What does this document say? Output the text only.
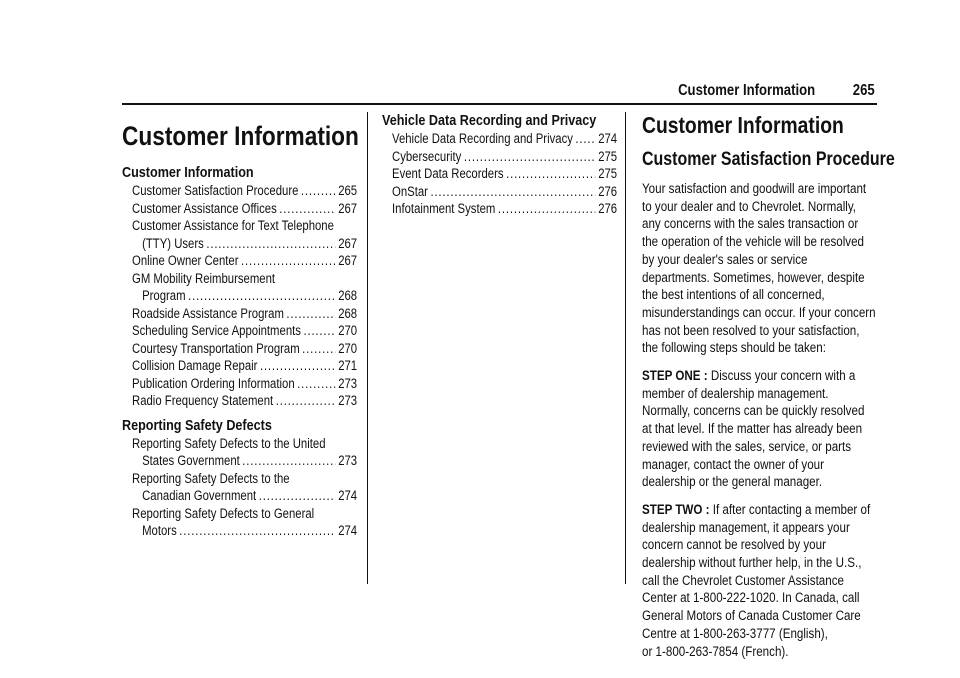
Customer Information 265
Customer Information
Customer Information
Customer Satisfaction Procedure .....	265
Customer Assistance Offices .....	267
Customer Assistance for Text Telephone
(TTY) Users .....	267
Online Owner Center .....	267
GM Mobility Reimbursement
Program .....	268
Roadside Assistance Program .....	268
Scheduling Service Appointments .....	270
Courtesy Transportation Program .....	270
Collision Damage Repair .....	271
Publication Ordering Information .....	273
Radio Frequency Statement .....	273
Reporting Safety Defects
Reporting Safety Defects to the United
States Government .....	273
Reporting Safety Defects to the
Canadian Government .....	274
Reporting Safety Defects to General
Motors .....	274
Vehicle Data Recording and Privacy
Vehicle Data Recording and Privacy ..... 274
Cybersecurity .....	275
Event Data Recorders .....	275
OnStar .....	276
Infotainment System .....	276
Customer Information
Customer Satisfaction Procedure
Your satisfaction and goodwill are important
to your dealer and to Chevrolet. Normally,
any concerns with the sales transaction or
the operation of the vehicle will be resolved
by your dealer's sales or service
departments. Sometimes, however, despite
the best intentions of all concerned,
misunderstandings can occur. If your concern
has not been resolved to your satisfaction,
the following steps should be taken:
STEP ONE : Discuss your concern with a
member of dealership management.
Normally, concerns can be quickly resolved
at that level. If the matter has already been
reviewed with the sales, service, or parts
manager, contact the owner of your
dealership or the general manager.
STEP TWO : If after contacting a member of
dealership management, it appears your
concern cannot be resolved by your
dealership without further help, in the U.S.,
call the Chevrolet Customer Assistance
Center at 1-800-222-1020. In Canada, call
General Motors of Canada Customer Care
Centre at 1-800-263-3777 (English),
or 1-800-263-7854 (French).
